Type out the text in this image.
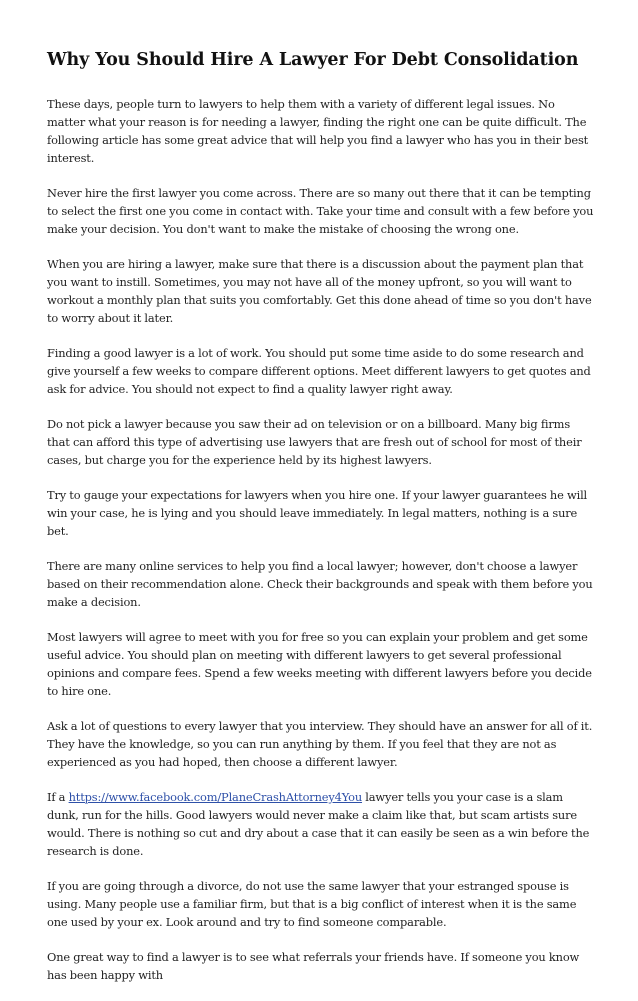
Why You Should Hire A Lawyer For Debt Consolidation

These days, people turn to lawyers to help them with a variety of different legal issues. No matter what your reason is for needing a lawyer, finding the right one can be quite difficult. The following article has some great advice that will help you find a lawyer who has you in their best interest.

Never hire the first lawyer you come across. There are so many out there that it can be tempting to select the first one you come in contact with. Take your time and consult with a few before you make your decision. You don't want to make the mistake of choosing the wrong one.

When you are hiring a lawyer, make sure that there is a discussion about the payment plan that you want to instill. Sometimes, you may not have all of the money upfront, so you will want to workout a monthly plan that suits you comfortably. Get this done ahead of time so you don't have to worry about it later.

Finding a good lawyer is a lot of work. You should put some time aside to do some research and give yourself a few weeks to compare different options. Meet different lawyers to get quotes and ask for advice. You should not expect to find a quality lawyer right away.

Do not pick a lawyer because you saw their ad on television or on a billboard. Many big firms that can afford this type of advertising use lawyers that are fresh out of school for most of their cases, but charge you for the experience held by its highest lawyers.

Try to gauge your expectations for lawyers when you hire one. If your lawyer guarantees he will win your case, he is lying and you should leave immediately. In legal matters, nothing is a sure bet.

There are many online services to help you find a local lawyer; however, don't choose a lawyer based on their recommendation alone. Check their backgrounds and speak with them before you make a decision.

Most lawyers will agree to meet with you for free so you can explain your problem and get some useful advice. You should plan on meeting with different lawyers to get several professional opinions and compare fees. Spend a few weeks meeting with different lawyers before you decide to hire one.

Ask a lot of questions to every lawyer that you interview. They should have an answer for all of it. They have the knowledge, so you can run anything by them. If you feel that they are not as experienced as you had hoped, then choose a different lawyer.

If a https://www.facebook.com/PlaneCrashAttorney4You lawyer tells you your case is a slam dunk, run for the hills. Good lawyers would never make a claim like that, but scam artists sure would. There is nothing so cut and dry about a case that it can easily be seen as a win before the research is done.

If you are going through a divorce, do not use the same lawyer that your estranged spouse is using. Many people use a familiar firm, but that is a big conflict of interest when it is the same one used by your ex. Look around and try to find someone comparable.

One great way to find a lawyer is to see what referrals your friends have. If someone you know has been happy with
